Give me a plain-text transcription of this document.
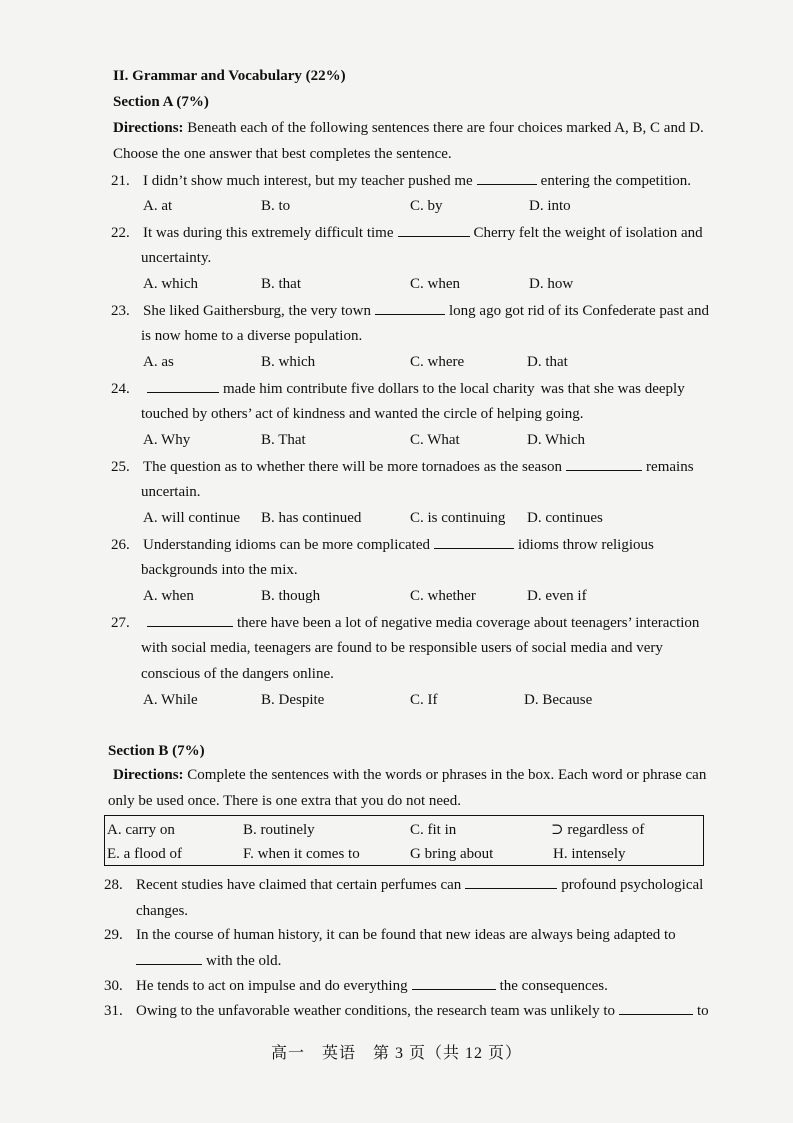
II. Grammar and Vocabulary (22%)
Section A (7%)
Directions: Beneath each of the following sentences there are four choices marked A, B, C and D.
Choose the one answer that best completes the sentence.
21. I didn’t show much interest, but my teacher pushed me	entering the competition.
A. at	B. to	C. by	D. into
22. It was during this extremely difficult time	Cherry felt the weight of isolation and
uncertainty.
A. which	B. that	C. when	D. how
23. She liked Gaithersburg, the very town	long ago got rid of its Confederate past and
is now home to a diverse population.
A. as	B. which	C. where	D. that
24.	made him contribute five dollars to the local charity was that she was deeply
touched by others’ act of kindness and wanted the circle of helping going.
A. Why	B. That	C. What	D. Which
25. The question as to whether there will be more tornadoes as the season	remains
uncertain.
A. will continue B. has continued	C. is continuing D. continues
26. Understanding idioms can be more complicated	idioms throw religious
backgrounds into the mix.
A. when	B. though	C. whether	D. even if
27.	there have been a lot of negative media coverage about teenagers’ interaction
with social media, teenagers are found to be responsible users of social media and very
conscious of the dangers online.
A. While	B. Despite	C. If	D. Because
Section B (7%)
Directions: Complete the sentences with the words or phrases in the box. Each word or phrase can
only be used once. There is one extra that you do not need.
A. carry on	B. routinely	C. fit in	⊃ regardless of
E. a flood of	F. when it comes to	G bring about	H. intensely
28. Recent studies have claimed that certain perfumes can	profound psychological
changes.
29. In the course of human history, it can be found that new ideas are always being adapted to
with the old.
30. He tends to act on impulse and do everything	the consequences.
31. Owing to the unfavorable weather conditions, the research team was unlikely to	to
高一　英语　第 3 页（共 12 页）
